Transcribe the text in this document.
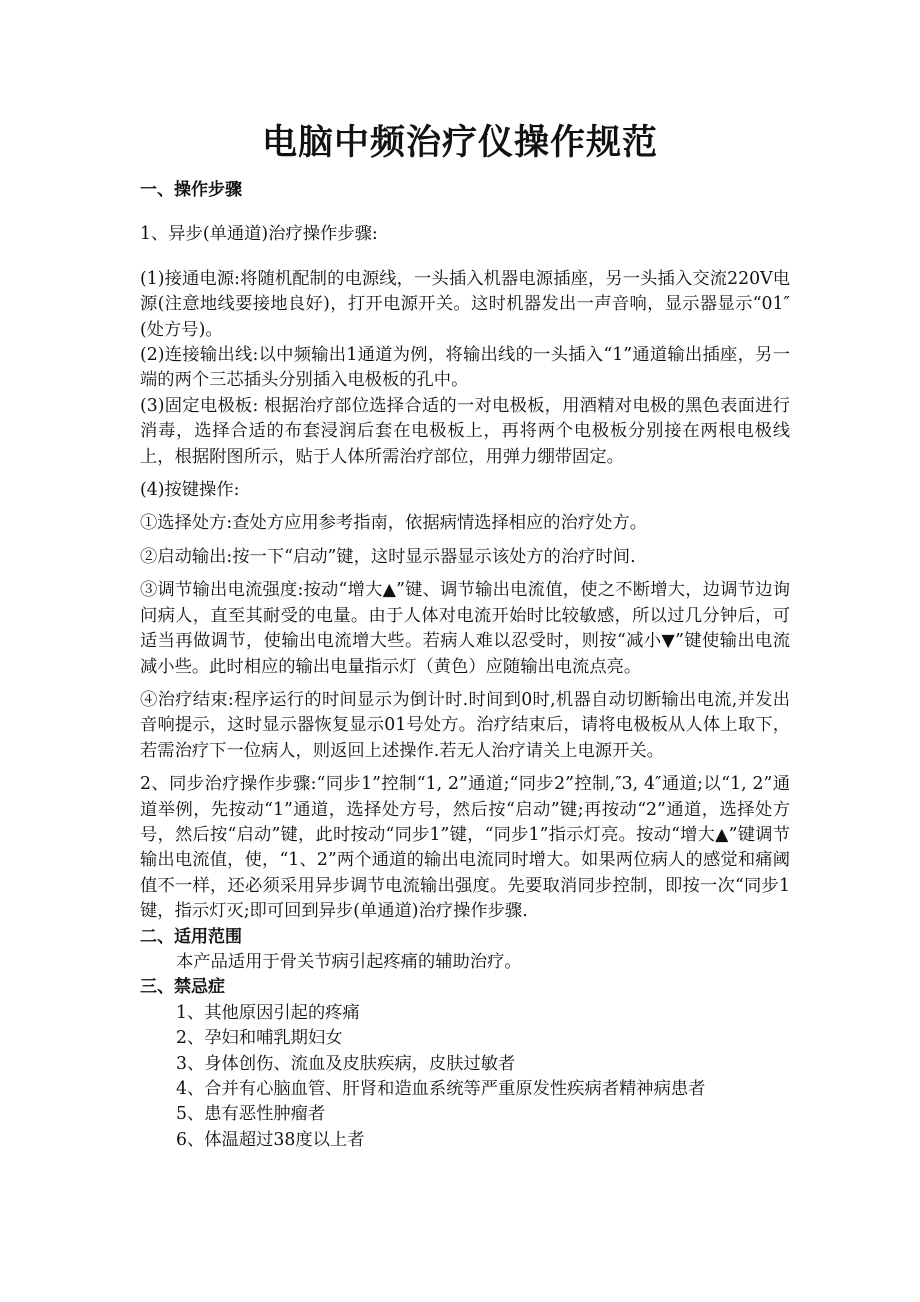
电脑中频治疗仪操作规范

一、操作步骤

1、异步(单通道)治疗操作步骤:

(1)接通电源:将随机配制的电源线，一头插入机器电源插座，另一头插入交流220V电源(注意地线要接地良好)，打开电源开关。这时机器发出一声音响，显示器显示“01″(处方号)。

(2)连接输出线:以中频输出1通道为例，将输出线的一头插入“1”通道输出插座，另一端的两个三芯插头分别插入电极板的孔中。

(3)固定电极板: 根据治疗部位选择合适的一对电极板，用酒精对电极的黑色表面进行消毒，选择合适的布套浸润后套在电极板上，再将两个电极板分别接在两根电极线上，根据附图所示，贴于人体所需治疗部位，用弹力绷带固定。

(4)按键操作:

①选择处方:查处方应用参考指南，依据病情选择相应的治疗处方。

②启动输出:按一下“启动”键，这时显示器显示该处方的治疗时间.

③调节输出电流强度:按动“增大▲”键、调节输出电流值，使之不断增大，边调节边询问病人，直至其耐受的电量。由于人体对电流开始时比较敏感，所以过几分钟后，可适当再做调节，使输出电流增大些。若病人难以忍受时，则按“减小▼”键使输出电流减小些。此时相应的输出电量指示灯（黄色）应随输出电流点亮。

④治疗结束:程序运行的时间显示为倒计时.时间到0时,机器自动切断输出电流,并发出音响提示，这时显示器恢复显示01号处方。治疗结束后，请将电极板从人体上取下，若需治疗下一位病人，则返回上述操作.若无人治疗请关上电源开关。

2、同步治疗操作步骤:“同步1”控制“1, 2”通道;“同步2”控制,″3, 4″通道;以“1, 2”通道举例，先按动“1”通道，选择处方号，然后按“启动”键;再按动“2”通道，选择处方号，然后按“启动”键，此时按动“同步1”键，“同步1”指示灯亮。按动“增大▲”键调节输出电流值，使，“1、2”两个通道的输出电流同时增大。如果两位病人的感觉和痛阈值不一样，还必须采用异步调节电流输出强度。先要取消同步控制，即按一次“同步1键，指示灯灭;即可回到异步(单通道)治疗操作步骤.

二、适用范围

本产品适用于骨关节病引起疼痛的辅助治疗。

三、禁忌症

1、其他原因引起的疼痛

2、孕妇和哺乳期妇女

3、身体创伤、流血及皮肤疾病，皮肤过敏者

4、合并有心脑血管、肝肾和造血系统等严重原发性疾病者精神病患者

5、患有恶性肿瘤者

6、体温超过38度以上者
